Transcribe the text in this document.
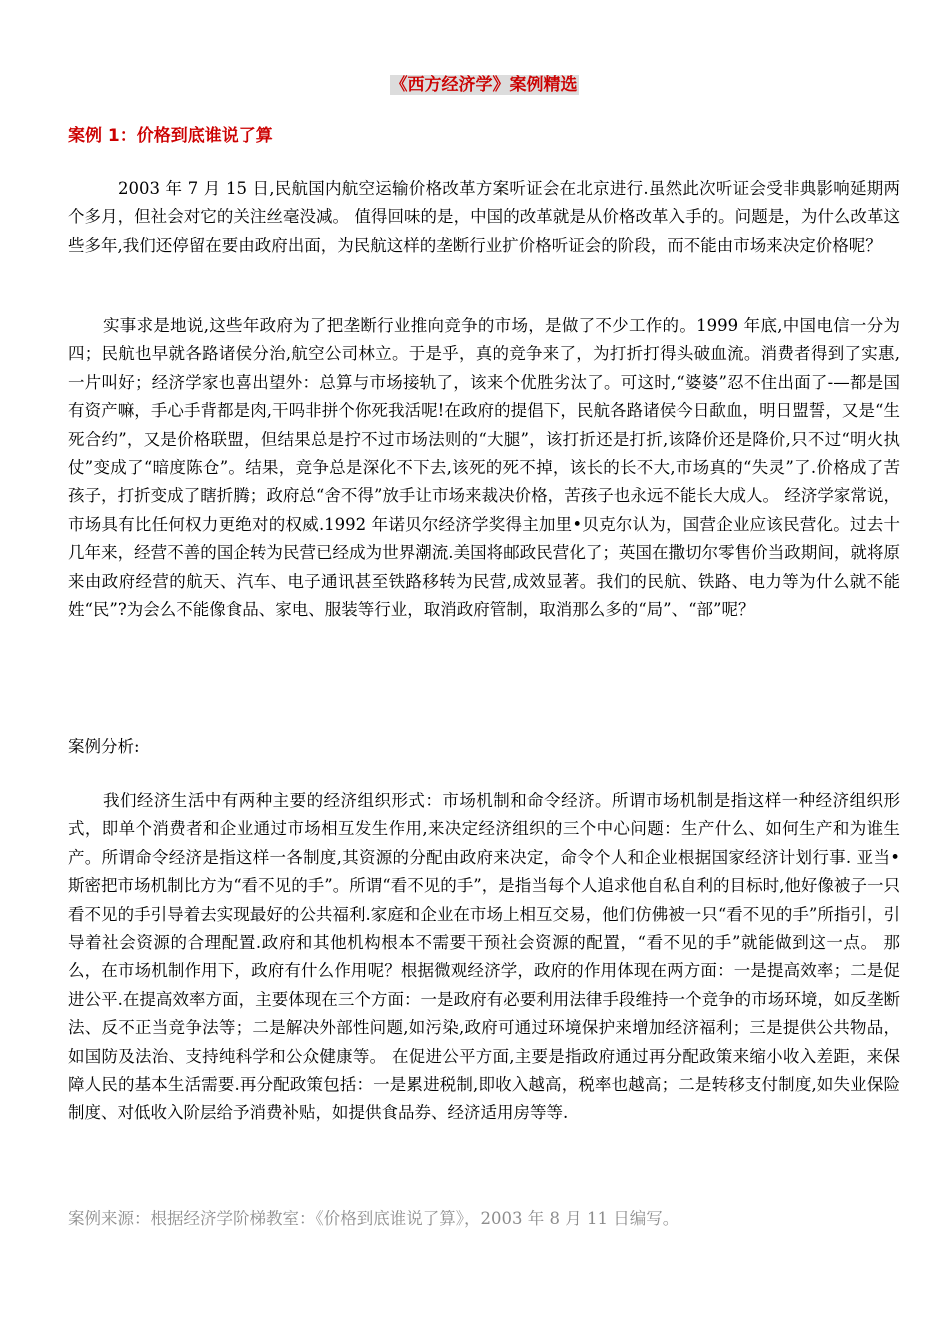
《西方经济学》案例精选
案例 1：价格到底谁说了算

2003 年 7 月 15 日,民航国内航空运输价格改革方案听证会在北京进行.虽然此次听证会受非典影响延期两个多月，但社会对它的关注丝毫没减。 值得回味的是，中国的改革就是从价格改革入手的。问题是，为什么改革这些多年,我们还停留在要由政府出面，为民航这样的垄断行业扩价格听证会的阶段，而不能由市场来决定价格呢？

实事求是地说,这些年政府为了把垄断行业推向竞争的市场，是做了不少工作的。1999 年底,中国电信一分为四；民航也早就各路诸侯分治,航空公司林立。于是乎，真的竞争来了，为打折打得头破血流。消费者得到了实惠,一片叫好；经济学家也喜出望外：总算与市场接轨了，该来个优胜劣汰了。可这时,“婆婆”忍不住出面了-—都是国有资产嘛，手心手背都是肉,干吗非拼个你死我活呢!在政府的提倡下，民航各路诸侯今日歃血，明日盟誓，又是“生死合约”，又是价格联盟，但结果总是拧不过市场法则的“大腿”，该打折还是打折,该降价还是降价,只不过“明火执仗”变成了“暗度陈仓”。结果，竞争总是深化不下去,该死的死不掉，该长的长不大,市场真的“失灵”了.价格成了苦孩子，打折变成了瞎折腾；政府总“舍不得”放手让市场来裁决价格，苦孩子也永远不能长大成人。 经济学家常说，市场具有比任何权力更绝对的权威.1992 年诺贝尔经济学奖得主加里•贝克尔认为，国营企业应该民营化。过去十几年来，经营不善的国企转为民营已经成为世界潮流.美国将邮政民营化了；英国在撒切尔零售价当政期间，就将原来由政府经营的航天、汽车、电子通讯甚至铁路移转为民营,成效显著。我们的民航、铁路、电力等为什么就不能姓“民”?为会么不能像食品、家电、服装等行业，取消政府管制，取消那么多的“局”、“部”呢？

案例分析:

我们经济生活中有两种主要的经济组织形式：市场机制和命令经济。所谓市场机制是指这样一种经济组织形式，即单个消费者和企业通过市场相互发生作用,来决定经济组织的三个中心问题：生产什么、如何生产和为谁生产。所谓命令经济是指这样一各制度,其资源的分配由政府来决定，命令个人和企业根据国家经济计划行事. 亚当•斯密把市场机制比方为“看不见的手”。所谓“看不见的手”，是指当每个人追求他自私自利的目标时,他好像被子一只看不见的手引导着去实现最好的公共福利.家庭和企业在市场上相互交易，他们仿佛被一只“看不见的手”所指引，引导着社会资源的合理配置.政府和其他机构根本不需要干预社会资源的配置，“看不见的手”就能做到这一点。 那么，在市场机制作用下，政府有什么作用呢？根据微观经济学，政府的作用体现在两方面：一是提高效率；二是促进公平.在提高效率方面，主要体现在三个方面：一是政府有必要利用法律手段维持一个竞争的市场环境，如反垄断法、反不正当竞争法等；二是解决外部性问题,如污染,政府可通过环境保护来增加经济福利；三是提供公共物品，如国防及法治、支持纯科学和公众健康等。 在促进公平方面,主要是指政府通过再分配政策来缩小收入差距，来保障人民的基本生活需要.再分配政策包括：一是累进税制,即收入越高，税率也越高；二是转移支付制度,如失业保险制度、对低收入阶层给予消费补贴，如提供食品券、经济适用房等等.

案例来源：根据经济学阶梯教室：《价格到底谁说了算》，2003 年 8 月 11 日编写。
